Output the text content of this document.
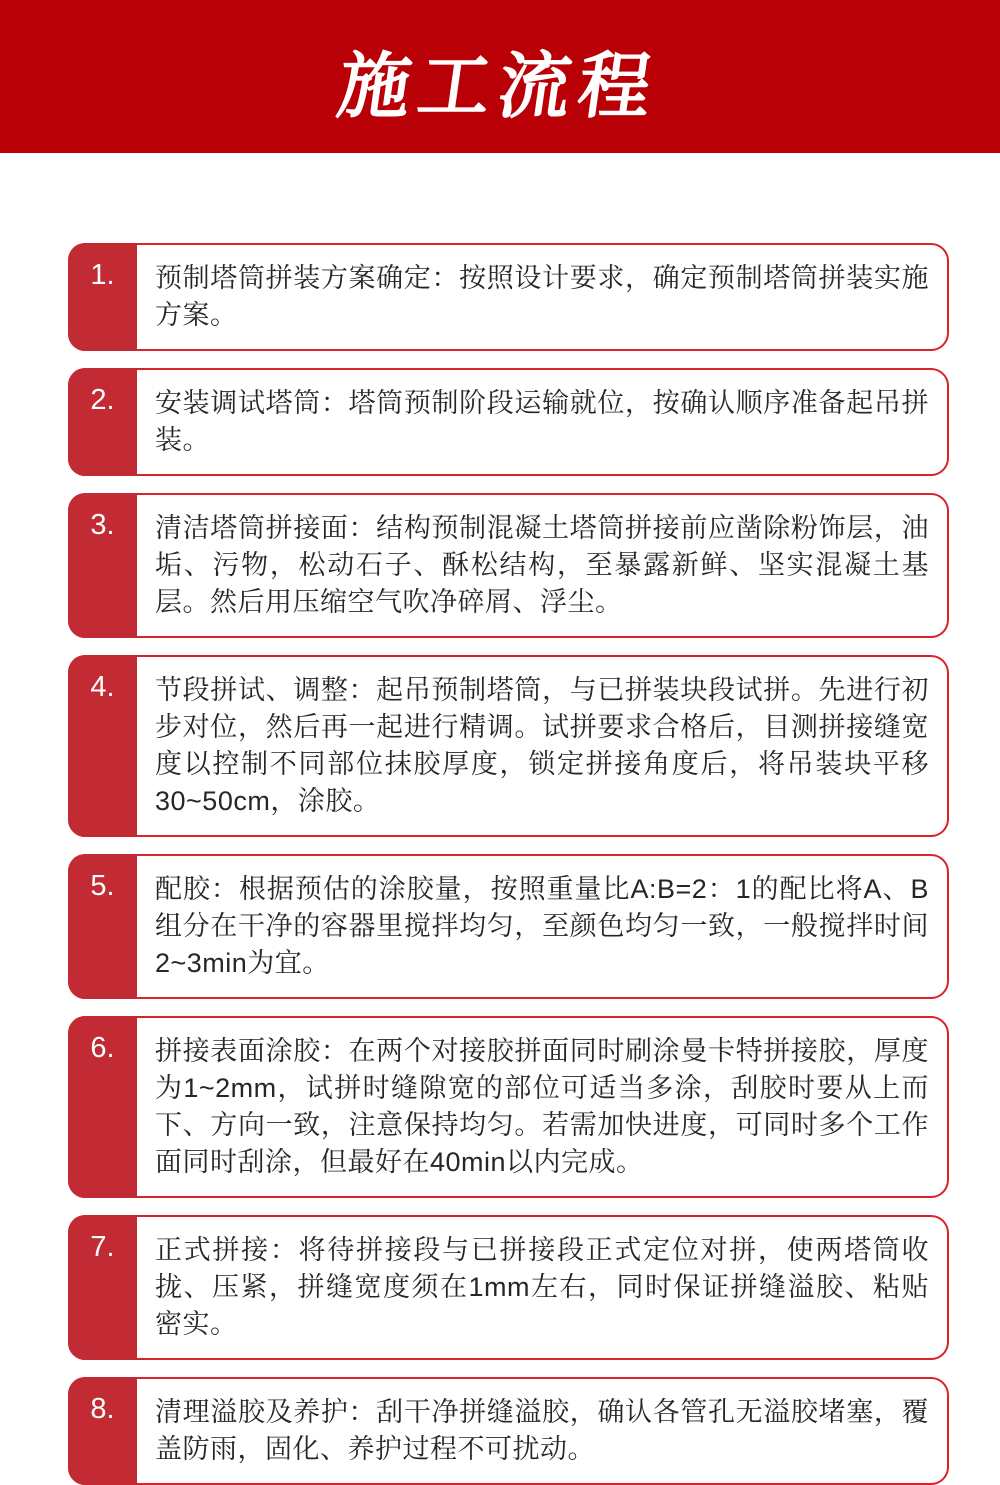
施工流程
1.	预制塔筒拼装方案确定：按照设计要求，确定预制塔筒拼装实施方案。
2.	安装调试塔筒：塔筒预制阶段运输就位，按确认顺序准备起吊拼装。
3.	清洁塔筒拼接面：结构预制混凝土塔筒拼接前应凿除粉饰层，油垢、污物，松动石子、酥松结构，至暴露新鲜、坚实混凝土基层。然后用压缩空气吹净碎屑、浮尘。
4.	节段拼试、调整：起吊预制塔筒，与已拼装块段试拼。先进行初步对位，然后再一起进行精调。试拼要求合格后，目测拼接缝宽度以控制不同部位抹胶厚度，锁定拼接角度后，将吊装块平移30~50cm，涂胶。
5.	配胶：根据预估的涂胶量，按照重量比A:B=2：1的配比将A、B组分在干净的容器里搅拌均匀，至颜色均匀一致，一般搅拌时间2~3min为宜。
6.	拼接表面涂胶：在两个对接胶拼面同时刷涂曼卡特拼接胶，厚度为1~2mm，试拼时缝隙宽的部位可适当多涂，刮胶时要从上而下、方向一致，注意保持均匀。若需加快进度，可同时多个工作面同时刮涂，但最好在40min以内完成。
7.	正式拼接：将待拼接段与已拼接段正式定位对拼，使两塔筒收拢、压紧，拼缝宽度须在1mm左右，同时保证拼缝溢胶、粘贴密实。
8.	清理溢胶及养护：刮干净拼缝溢胶，确认各管孔无溢胶堵塞，覆盖防雨，固化、养护过程不可扰动。
